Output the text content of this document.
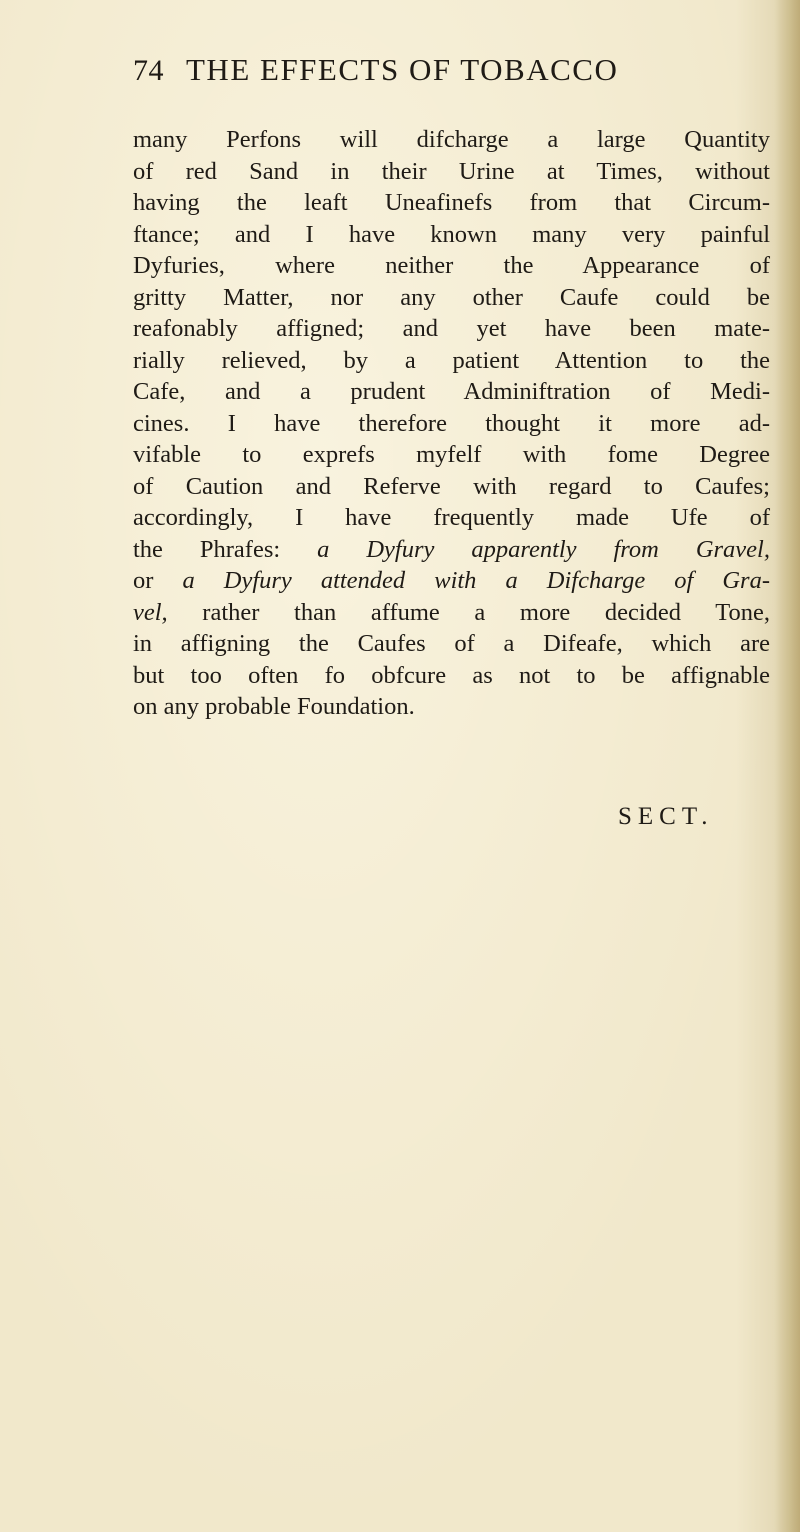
74 THE EFFECTS OF TOBACCO
many Perfons will difcharge a large Quantity
of red Sand in their Urine at Times, without
having the leaft Uneafinefs from that Circum-
ftance; and I have known many very painful
Dyfuries, where neither the Appearance of
gritty Matter, nor any other Caufe could be
reafonably affigned; and yet have been mate-
rially relieved, by a patient Attention to the
Cafe, and a prudent Adminiftration of Medi-
cines. I have therefore thought it more ad-
vifable to exprefs myfelf with fome Degree
of Caution and Referve with regard to Caufes;
accordingly, I have frequently made Ufe of
the Phrafes: a Dyfury apparently from Gravel,
or a Dyfury attended with a Difcharge of Gra-
vel, rather than affume a more decided Tone,
in affigning the Caufes of a Difeafe, which are
but too often fo obfcure as not to be affignable
on any probable Foundation.
SECT.
